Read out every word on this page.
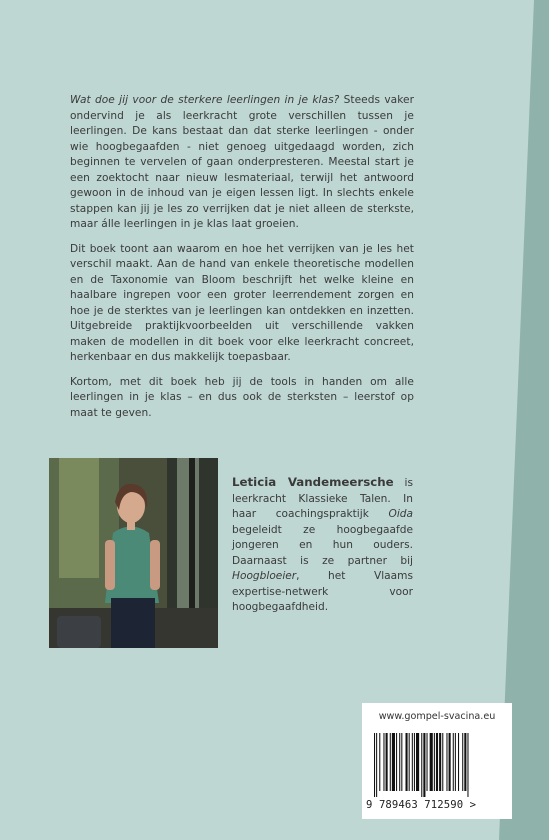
Wat doe jij voor de sterkere leerlingen in je klas? Steeds vaker ondervind je als leerkracht grote verschillen tussen je leerlingen. De kans bestaat dan dat sterke leerlingen - onder wie hoogbegaafden - niet genoeg uitgedaagd worden, zich beginnen te vervelen of gaan onderpresteren. Meestal start je een zoektocht naar nieuw lesmateriaal, terwijl het antwoord gewoon in de inhoud van je eigen lessen ligt. In slechts enkele stappen kan jij je les zo verrijken dat je niet alleen de sterkste, maar álle leerlingen in je klas laat groeien.

Dit boek toont aan waarom en hoe het verrijken van je les het verschil maakt. Aan de hand van enkele theoretische modellen en de Taxonomie van Bloom beschrijft het welke kleine en haalbare ingrepen voor een groter leerrendement zorgen en hoe je de sterktes van je leerlingen kan ontdekken en inzetten. Uitgebreide praktijkvoorbeelden uit verschillende vakken maken de modellen in dit boek voor elke leerkracht concreet, herkenbaar en dus makkelijk toepasbaar.

Kortom, met dit boek heb jij de tools in handen om alle leerlingen in je klas – en dus ook de sterksten – leerstof op maat te geven.

Leticia Vandemeersche is leerkracht Klassieke Talen. In haar coachingspraktijk Oida begeleidt ze hoogbegaafde jongeren en hun ouders. Daarnaast is ze partner bij Hoogbloeier, het Vlaams expertise-netwerk voor hoogbegaafdheid.
www.gompel-svacina.eu
9 789463 712590 >
